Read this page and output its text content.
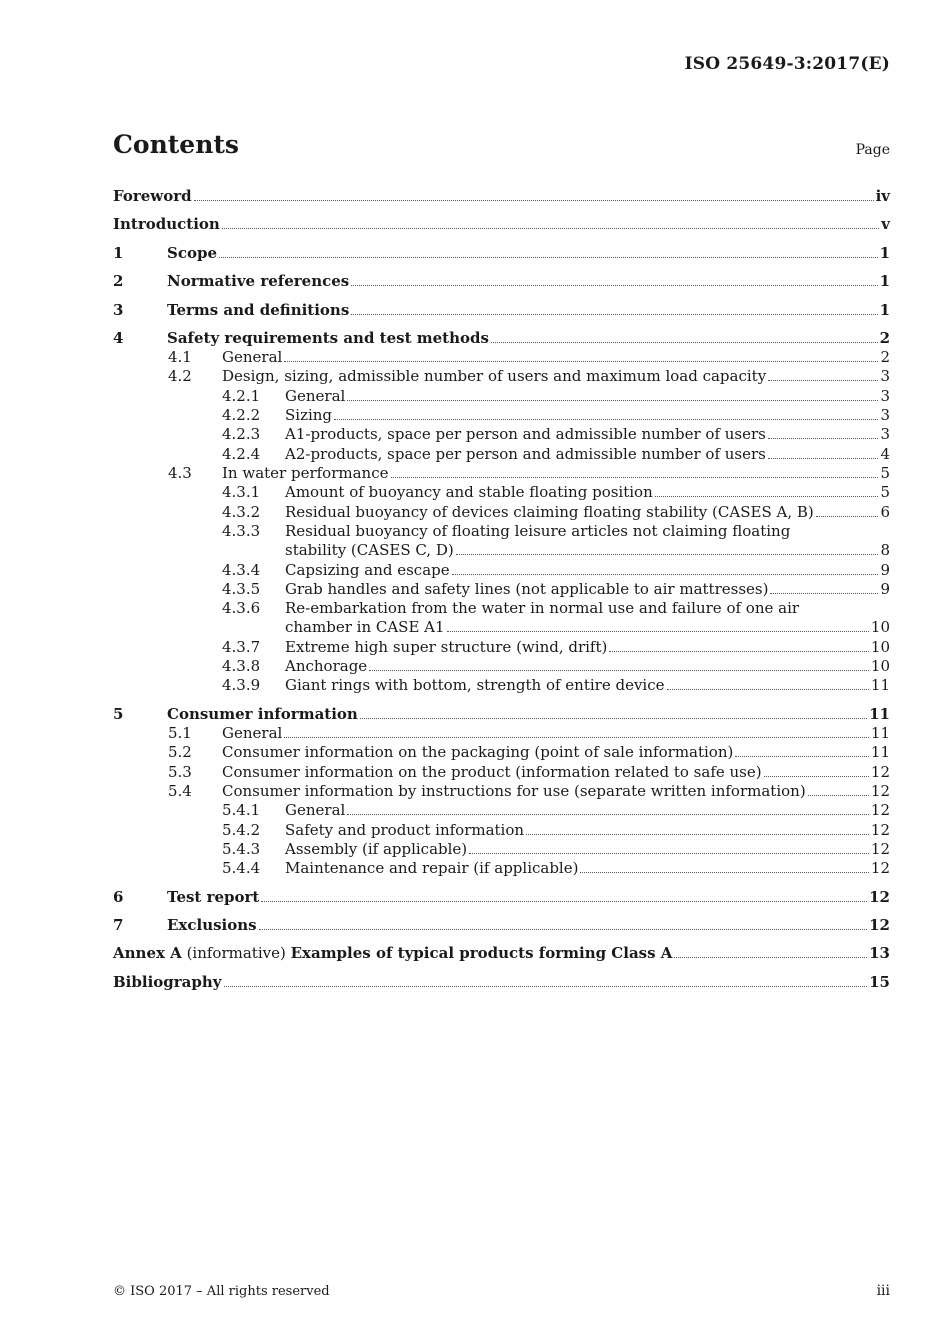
ISO 25649-3:2017(E)
Contents	Page
Foreword	iv
Introduction	v
1	Scope	1
2	Normative references	1
3	Terms and definitions	1
4	Safety requirements and test methods	2
4.1 General	2
4.2 Design, sizing, admissible number of users and maximum load capacity	3
4.2.1 General	3
4.2.2 Sizing	3
4.2.3 A1-products, space per person and admissible number of users	3
4.2.4 A2-products, space per person and admissible number of users	4
4.3 In water performance	5
4.3.1 Amount of buoyancy and stable floating position	5
4.3.2 Residual buoyancy of devices claiming floating stability (CASES A, B)	6
4.3.3 Residual buoyancy of floating leisure articles not claiming floating
stability (CASES C, D)	8
4.3.4 Capsizing and escape	9
4.3.5 Grab handles and safety lines (not applicable to air mattresses)	9
4.3.6 Re-embarkation from the water in normal use and failure of one air
chamber in CASE A1	10
4.3.7 Extreme high super structure (wind, drift)	10
4.3.8 Anchorage	10
4.3.9 Giant rings with bottom, strength of entire device	11
5	Consumer information	11
5.1 General	11
5.2 Consumer information on the packaging (point of sale information)	11
5.3 Consumer information on the product (information related to safe use)	12
5.4 Consumer information by instructions for use (separate written information)	12
5.4.1 General	12
5.4.2 Safety and product information	12
5.4.3 Assembly (if applicable)	12
5.4.4 Maintenance and repair (if applicable)	12
6	Test report	12
7	Exclusions	12
Annex A (informative) Examples of typical products forming Class A	13
Bibliography	15
© ISO 2017 – All rights reserved	iii
